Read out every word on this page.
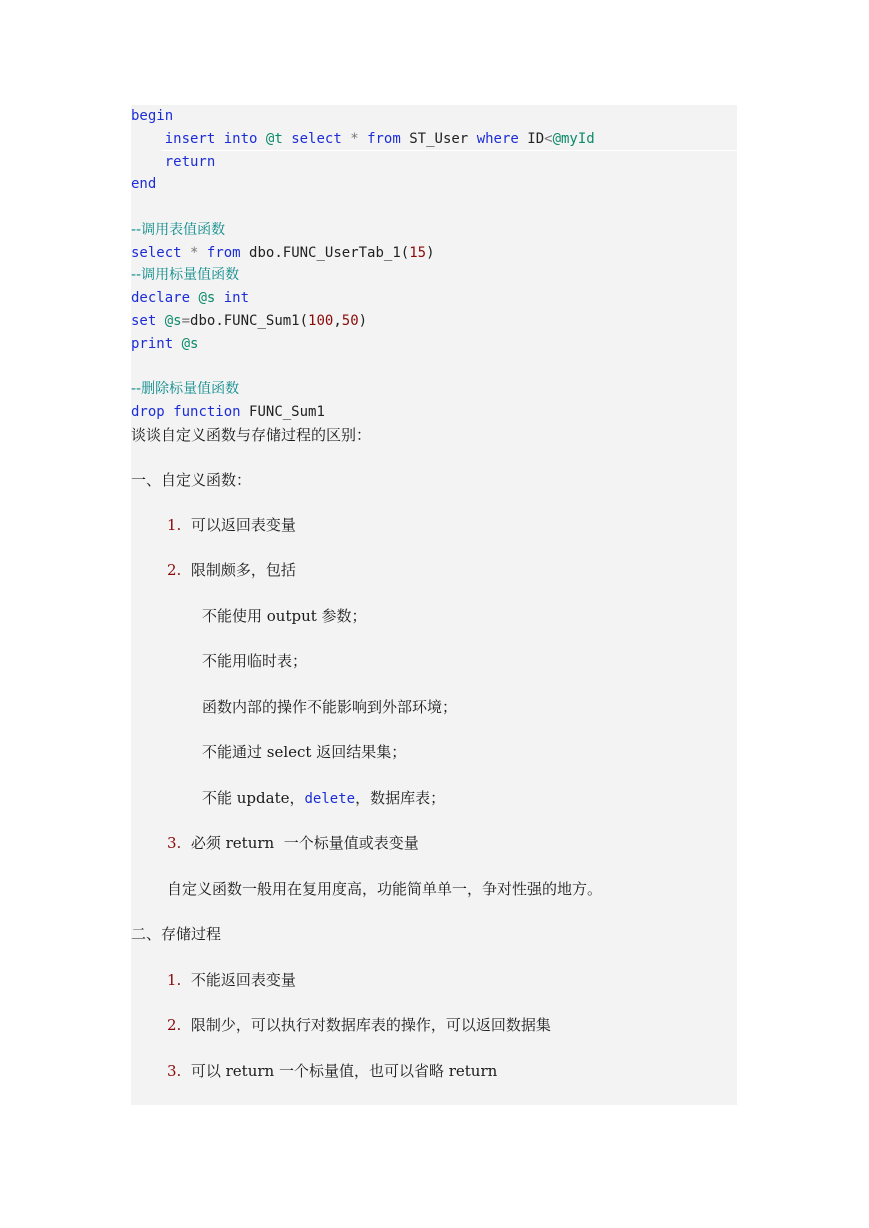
begin
insert into @t select * from ST_User where ID<@myId
return
end
--调用表值函数
select * from dbo.FUNC_UserTab_1(15)
--调用标量值函数
declare @s int
set @s=dbo.FUNC_Sum1(100,50)
print @s
--删除标量值函数
drop function FUNC_Sum1
谈谈自定义函数与存储过程的区别：
一、自定义函数：
1. 可以返回表变量
2. 限制颇多，包括
不能使用 output 参数；
不能用临时表；
函数内部的操作不能影响到外部环境；
不能通过 select 返回结果集；
不能 update，delete，数据库表；
3. 必须 return  一个标量值或表变量
自定义函数一般用在复用度高，功能简单单一，争对性强的地方。
二、存储过程
1. 不能返回表变量
2. 限制少，可以执行对数据库表的操作，可以返回数据集
3. 可以 return 一个标量值，也可以省略 return
